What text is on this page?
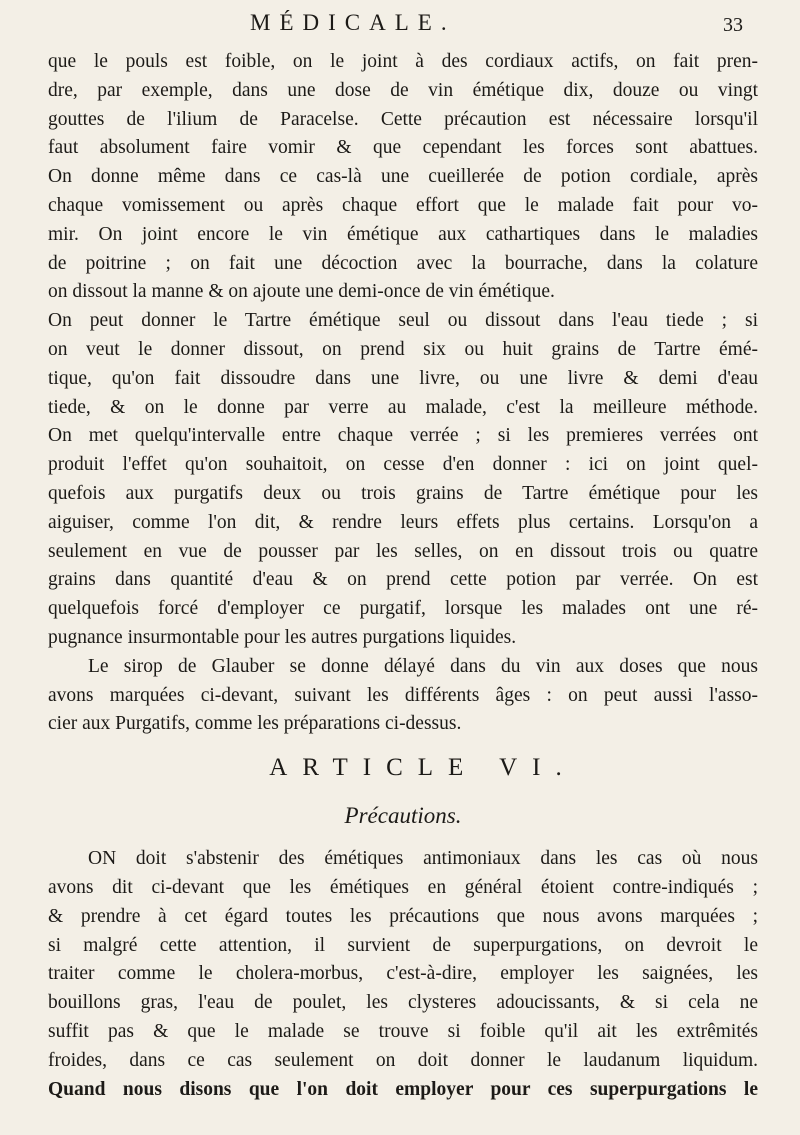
MÉDICALE.	33
que le pouls est foible, on le joint à des cordiaux actifs, on fait pren-
dre, par exemple, dans une dose de vin émétique dix, douze ou vingt
gouttes de l'ilium de Paracelse. Cette précaution est nécessaire lorsqu'il
faut absolument faire vomir & que cependant les forces sont abattues.
On donne même dans ce cas-là une cueillerée de potion cordiale, après
chaque vomissement ou après chaque effort que le malade fait pour vo-
mir. On joint encore le vin émétique aux cathartiques dans le maladies
de poitrine ; on fait une décoction avec la bourrache, dans la colature
on dissout la manne & on ajoute une demi-once de vin émétique.
On peut donner le Tartre émétique seul ou dissout dans l'eau tiede ; si
on veut le donner dissout, on prend six ou huit grains de Tartre émé-
tique, qu'on fait dissoudre dans une livre, ou une livre & demi d'eau
tiede, & on le donne par verre au malade, c'est la meilleure méthode.
On met quelqu'intervalle entre chaque verrée ; si les premieres verrées ont
produit l'effet qu'on souhaitoit, on cesse d'en donner : ici on joint quel-
quefois aux purgatifs deux ou trois grains de Tartre émétique pour les
aiguiser, comme l'on dit, & rendre leurs effets plus certains. Lorsqu'on a
seulement en vue de pousser par les selles, on en dissout trois ou quatre
grains dans quantité d'eau & on prend cette potion par verrée. On est
quelquefois forcé d'employer ce purgatif, lorsque les malades ont une ré-
pugnance insurmontable pour les autres purgations liquides.
Le sirop de Glauber se donne délayé dans du vin aux doses que nous
avons marquées ci-devant, suivant les différents âges : on peut aussi l'asso-
cier aux Purgatifs, comme les préparations ci-dessus.
ARTICLE VI.
Précautions.
ON doit s'abstenir des émétiques antimoniaux dans les cas où nous
avons dit ci-devant que les émétiques en général étoient contre-indiqués ;
& prendre à cet égard toutes les précautions que nous avons marquées ;
si malgré cette attention, il survient de superpurgations, on devroit le
traiter comme le cholera-morbus, c'est-à-dire, employer les saignées, les
bouillons gras, l'eau de poulet, les clysteres adoucissants, & si cela ne
suffit pas & que le malade se trouve si foible qu'il ait les extrêmités
froides, dans ce cas seulement on doit donner le laudanum liquidum.
Quand nous disons que l'on doit employer pour ces superpurgations le
